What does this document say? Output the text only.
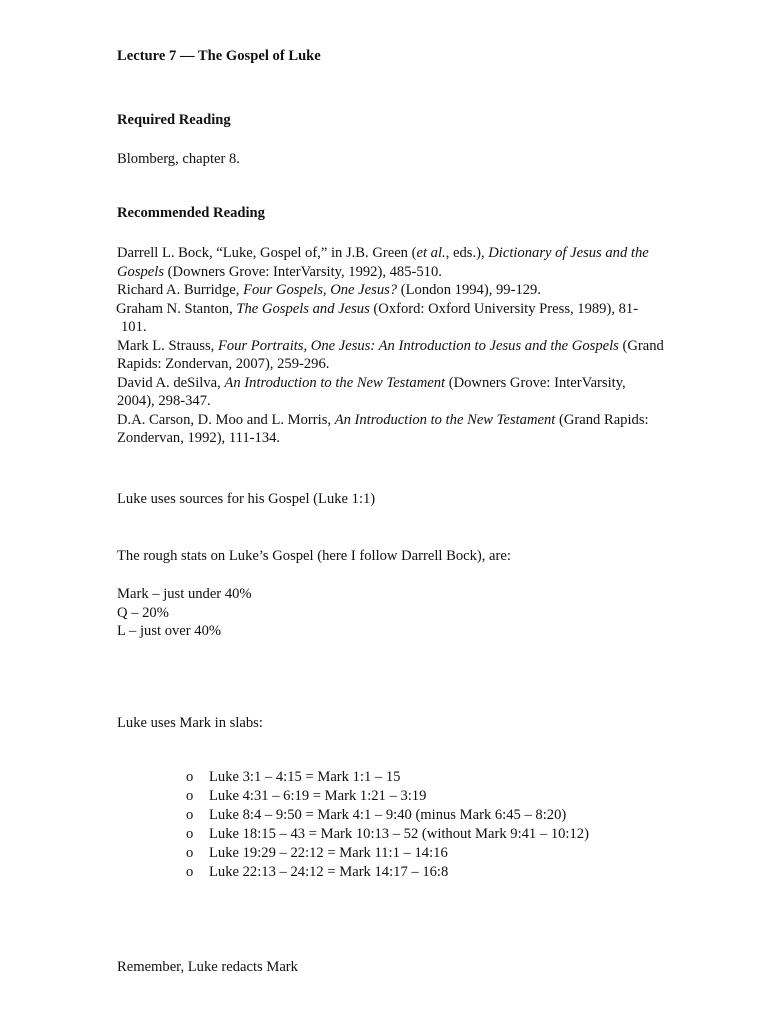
Lecture 7 — The Gospel of Luke
Required Reading
Blomberg, chapter 8.
Recommended Reading

Darrell L. Bock, “Luke, Gospel of,” in J.B. Green (et al., eds.), Dictionary of Jesus and the
Gospels (Downers Grove: InterVarsity, 1992), 485-510.

Richard A. Burridge, Four Gospels, One Jesus? (London 1994), 99-129.

Graham N. Stanton, The Gospels and Jesus (Oxford: Oxford University Press, 1989), 81-
101.

Mark L. Strauss, Four Portraits, One Jesus: An Introduction to Jesus and the Gospels (Grand
Rapids: Zondervan, 2007), 259-296.

David A. deSilva, An Introduction to the New Testament (Downers Grove: InterVarsity,
2004), 298-347.

D.A. Carson, D. Moo and L. Morris, An Introduction to the New Testament (Grand Rapids:
Zondervan, 1992), 111-134.

Luke uses sources for his Gospel (Luke 1:1)
The rough stats on Luke’s Gospel (here I follow Darrell Bock), are:
Mark – just under 40%
Q – 20%
L – just over 40%
Luke uses Mark in slabs:
o Luke 3:1 – 4:15 = Mark 1:1 – 15
o Luke 4:31 – 6:19 = Mark 1:21 – 3:19
o Luke 8:4 – 9:50 = Mark 4:1 – 9:40 (minus Mark 6:45 – 8:20)
o Luke 18:15 – 43 = Mark 10:13 – 52 (without Mark 9:41 – 10:12)
o Luke 19:29 – 22:12 = Mark 11:1 – 14:16
o Luke 22:13 – 24:12 = Mark 14:17 – 16:8
Remember, Luke redacts Mark
